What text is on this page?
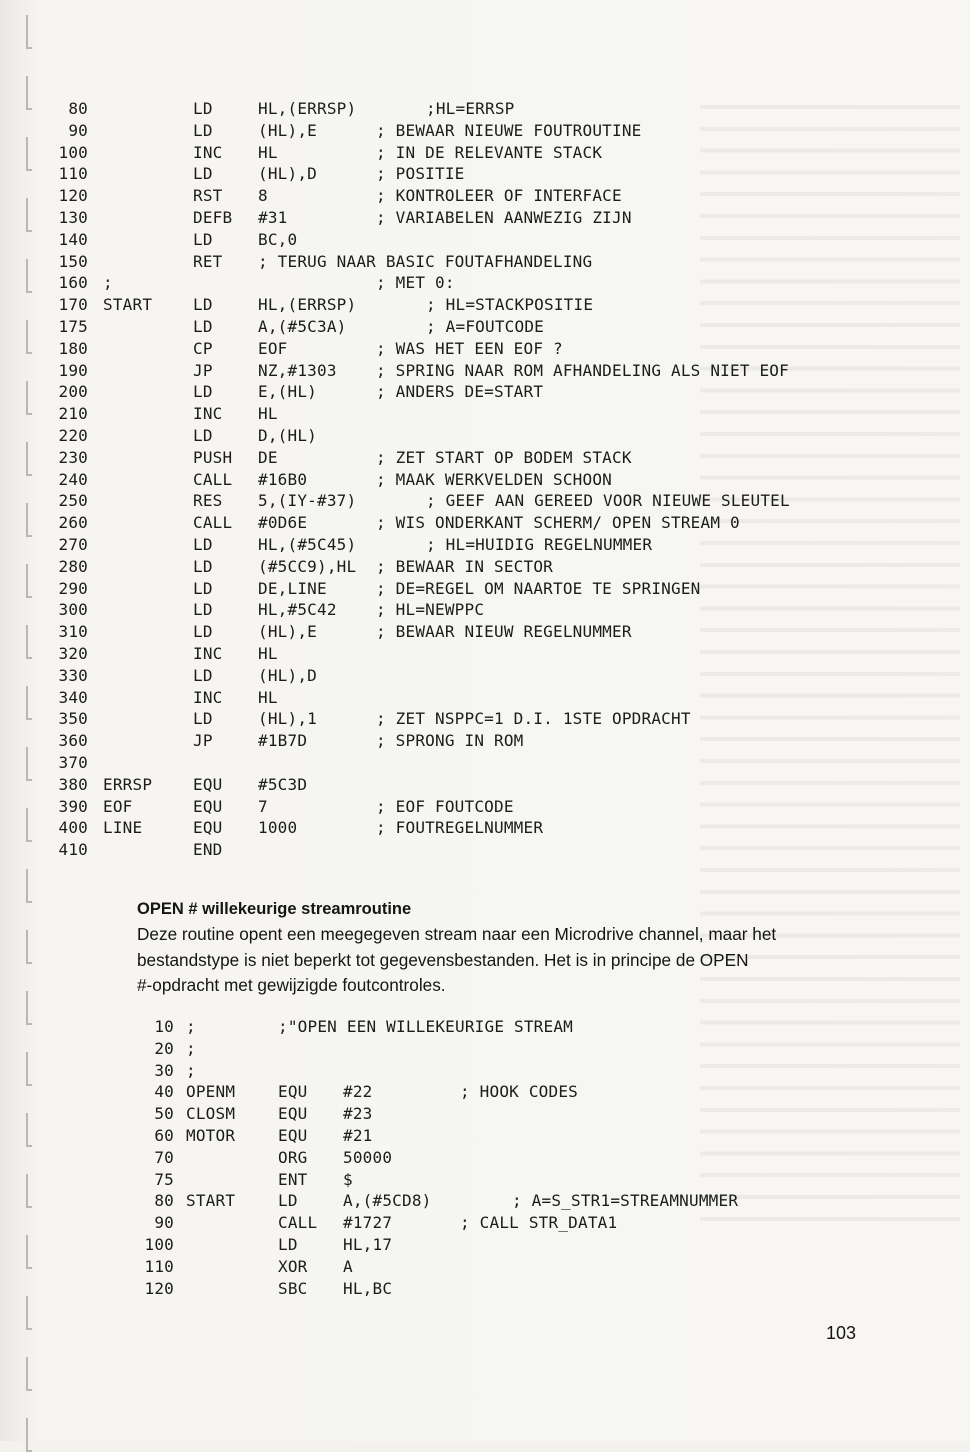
80	LD	HL,(ERRSP)	;HL=ERRSP
90	LD	(HL),E	; BEWAAR NIEUWE FOUTROUTINE
100	INC HL	; IN DE RELEVANTE STACK
110	LD	(HL),D	; POSITIE
120	RST 8	; KONTROLEER OF INTERFACE
130	DEFB #31	; VARIABELEN AANWEZIG ZIJN
140	LD	BC,0
150	RET ; TERUG NAAR BASIC FOUTAFHANDELING
160 ;	; MET 0:
170 START	LD	HL,(ERRSP)	; HL=STACKPOSITIE
175	LD	A,(#5C3A)	; A=FOUTCODE
180	CP	EOF	; WAS HET EEN EOF ?
190	JP	NZ,#1303 ; SPRING NAAR ROM AFHANDELING ALS NIET EOF
200	LD	E,(HL)	; ANDERS DE=START
210	INC HL
220	LD	D,(HL)
230	PUSH DE	; ZET START OP BODEM STACK
240	CALL #16B0	; MAAK WERKVELDEN SCHOON
250	RES 5,(IY-#37)	; GEEF AAN GEREED VOOR NIEUWE SLEUTEL
260	CALL #0D6E	; WIS ONDERKANT SCHERM/ OPEN STREAM 0
270	LD	HL,(#5C45)	; HL=HUIDIG REGELNUMMER
280	LD	(#5CC9),HL ; BEWAAR IN SECTOR
290	LD	DE,LINE	; DE=REGEL OM NAARTOE TE SPRINGEN
300	LD	HL,#5C42 ; HL=NEWPPC
310	LD	(HL),E	; BEWAAR NIEUW REGELNUMMER
320	INC HL
330	LD	(HL),D
340	INC HL
350	LD	(HL),1	; ZET NSPPC=1 D.I. 1STE OPDRACHT
360	JP	#1B7D	; SPRONG IN ROM
370
380 ERRSP	EQU #5C3D
390 EOF	EQU 7	; EOF FOUTCODE
400 LINE	EQU 1000	; FOUTREGELNUMMER
410	END
OPEN # willekeurige streamroutine

Deze routine opent een meegegeven stream naar een Microdrive channel, maar het
bestandstype is niet beperkt tot gegevensbestanden. Het is in principe de OPEN
#-opdracht met gewijzigde foutcontroles.

10 ;	;"OPEN EEN WILLEKEURIGE STREAM
20 ;
30 ;
40 OPENM	EQU #22	; HOOK CODES
50 CLOSM	EQU #23
60 MOTOR	EQU #21
70	ORG 50000
75	ENT $
80 START	LD	A,(#5CD8)	; A=S_STR1=STREAMNUMMER
90	CALL #1727	; CALL STR_DATA1
100	LD	HL,17
110	XOR A
120	SBC HL,BC
103
